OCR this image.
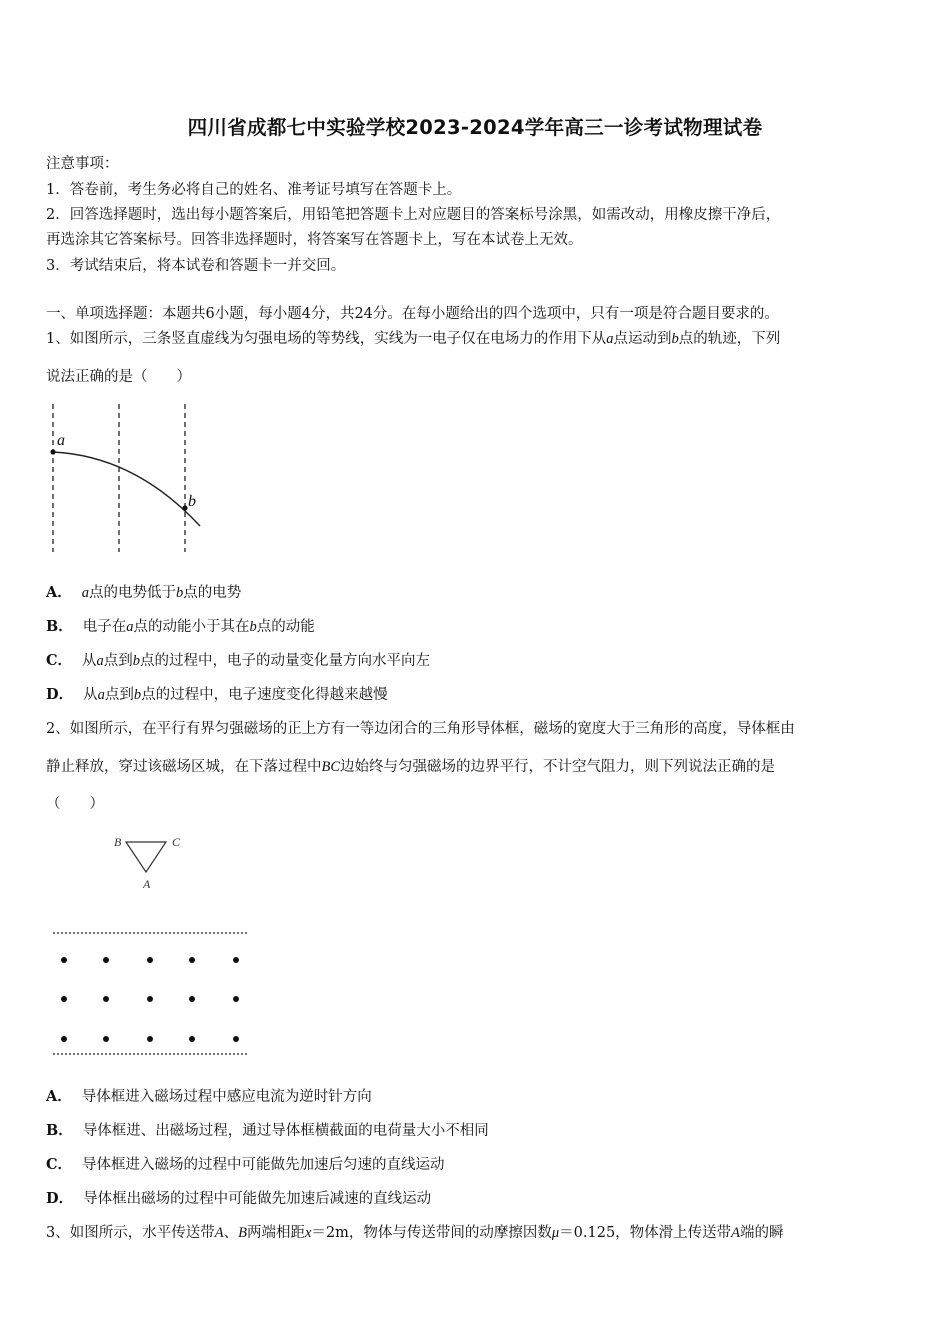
四川省成都七中实验学校2023-2024学年高三一诊考试物理试卷
注意事项：
1．答卷前，考生务必将自己的姓名、准考证号填写在答题卡上。
2．回答选择题时，选出每小题答案后，用铅笔把答题卡上对应题目的答案标号涂黑，如需改动，用橡皮擦干净后，
再选涂其它答案标号。回答非选择题时，将答案写在答题卡上，写在本试卷上无效。
3．考试结束后，将本试卷和答题卡一并交回。
一、单项选择题：本题共6小题，每小题4分，共24分。在每小题给出的四个选项中，只有一项是符合题目要求的。
1、如图所示，三条竖直虚线为匀强电场的等势线，实线为一电子仅在电场力的作用下从a点运动到b点的轨迹，下列
说法正确的是（　　）
a
b
A． a点的电势低于b点的电势
B． 电子在a点的动能小于其在b点的动能
C． 从a点到b点的过程中，电子的动量变化量方向水平向左
D． 从a点到b点的过程中，电子速度变化得越来越慢
2、如图所示，在平行有界匀强磁场的正上方有一等边闭合的三角形导体框，磁场的宽度大于三角形的高度，导体框由
静止释放，穿过该磁场区城，在下落过程中BC边始终与匀强磁场的边界平行，不计空气阻力，则下列说法正确的是
（　　）
B	C
A
A． 导体框进入磁场过程中感应电流为逆时针方向
B． 导体框进、出磁场过程，通过导体框横截面的电荷量大小不相同
C． 导体框进入磁场的过程中可能做先加速后匀速的直线运动
D． 导体框出磁场的过程中可能做先加速后减速的直线运动
3、如图所示，水平传送带A、B两端相距x＝2m，物体与传送带间的动摩擦因数μ＝0.125，物体滑上传送带A端的瞬
